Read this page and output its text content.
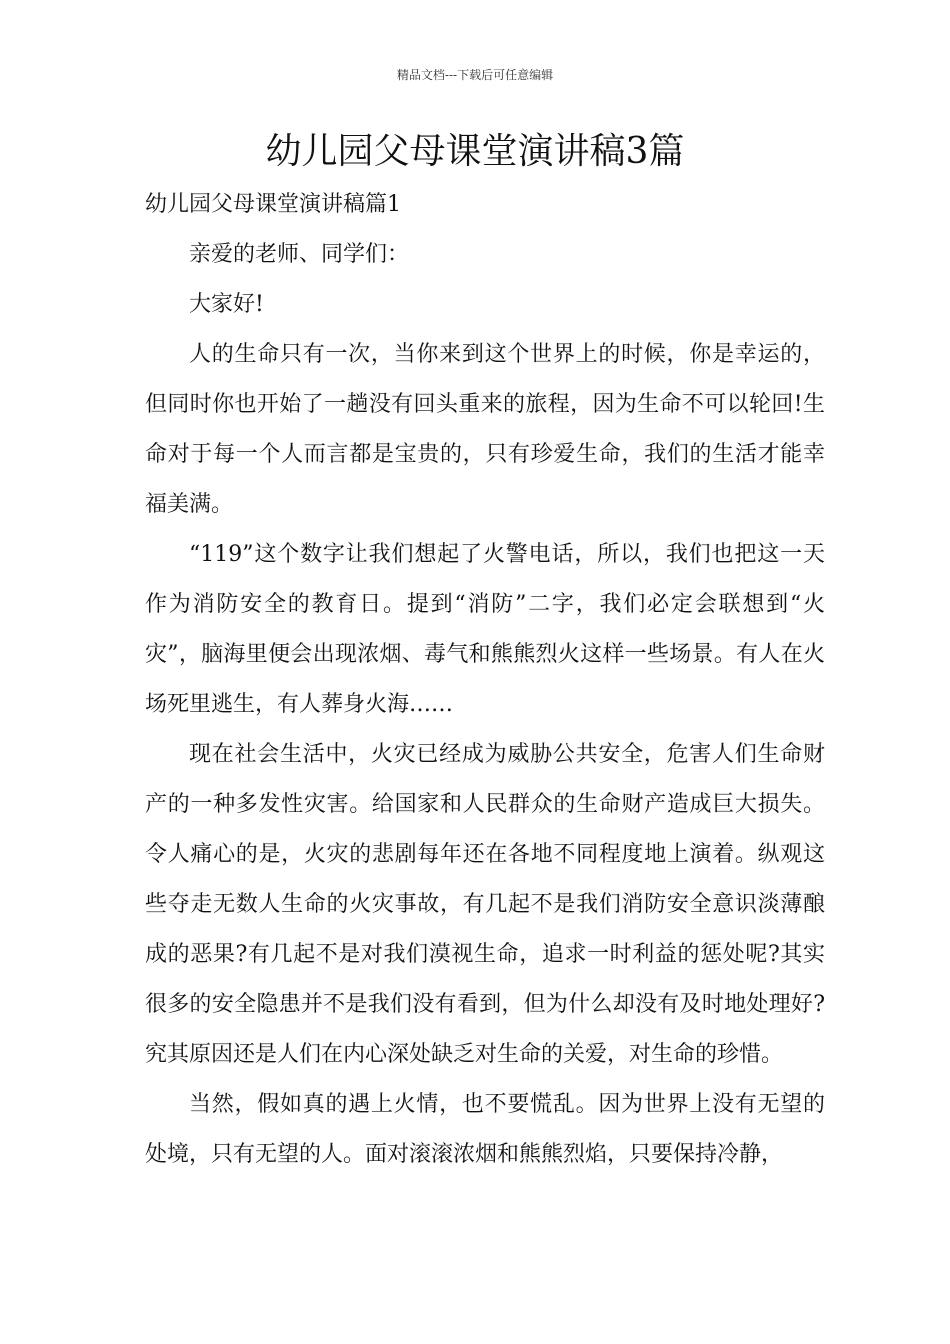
精品文档---下载后可任意编辑
幼儿园父母课堂演讲稿3篇

幼儿园父母课堂演讲稿篇1

亲爱的老师、同学们：

大家好!

人的生命只有一次，当你来到这个世界上的时候，你是幸运的，但同时你也开始了一趟没有回头重来的旅程，因为生命不可以轮回!生命对于每一个人而言都是宝贵的，只有珍爱生命，我们的生活才能幸福美满。

“119”这个数字让我们想起了火警电话，所以，我们也把这一天作为消防安全的教育日。提到“消防”二字，我们必定会联想到“火灾”，脑海里便会出现浓烟、毒气和熊熊烈火这样一些场景。有人在火场死里逃生，有人葬身火海……

现在社会生活中，火灾已经成为威胁公共安全，危害人们生命财产的一种多发性灾害。给国家和人民群众的生命财产造成巨大损失。令人痛心的是，火灾的悲剧每年还在各地不同程度地上演着。纵观这些夺走无数人生命的火灾事故，有几起不是我们消防安全意识淡薄酿成的恶果?有几起不是对我们漠视生命，追求一时利益的惩处呢?其实很多的安全隐患并不是我们没有看到，但为什么却没有及时地处理好?究其原因还是人们在内心深处缺乏对生命的关爱，对生命的珍惜。

当然，假如真的遇上火情，也不要慌乱。因为世界上没有无望的处境，只有无望的人。面对滚滚浓烟和熊熊烈焰，只要保持冷静，
